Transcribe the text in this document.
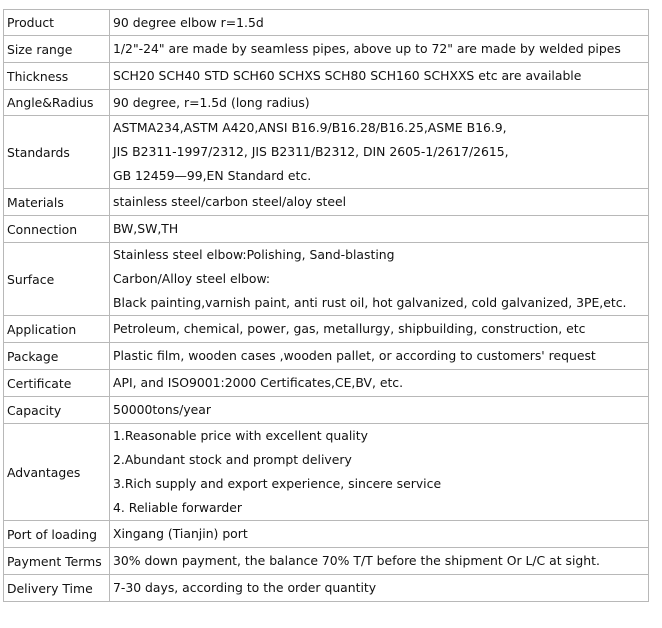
Product	90 degree elbow r=1.5d

Size range	1/2"-24" are made by seamless pipes, above up to 72" are made by welded pipes

Thickness	SCH20 SCH40 STD SCH60 SCHXS SCH80 SCH160 SCHXXS etc are available

Angle&Radius	90 degree, r=1.5d (long radius)

Standards	ASTMA234,ASTM A420,ANSI B16.9/B16.28/B16.25,ASME B16.9,
JIS B2311-1997/2312, JIS B2311/B2312, DIN 2605-1/2617/2615,
GB 12459—99,EN Standard etc.

Materials	stainless steel/carbon steel/aloy steel

Connection	BW,SW,TH

Surface	Stainless steel elbow:Polishing, Sand-blasting
Carbon/Alloy steel elbow:
Black painting,varnish paint, anti rust oil, hot galvanized, cold galvanized, 3PE,etc.

Application	Petroleum, chemical, power, gas, metallurgy, shipbuilding, construction, etc

Package	Plastic film, wooden cases ,wooden pallet, or according to customers' request

Certificate	API, and ISO9001:2000 Certificates,CE,BV, etc.

Capacity	50000tons/year

Advantages	1.Reasonable price with excellent quality
2.Abundant stock and prompt delivery
3.Rich supply and export experience, sincere service
4. Reliable forwarder

Port of loading	Xingang (Tianjin) port

Payment Terms	30% down payment, the balance 70% T/T before the shipment Or L/C at sight.

Delivery Time	7-30 days, according to the order quantity
